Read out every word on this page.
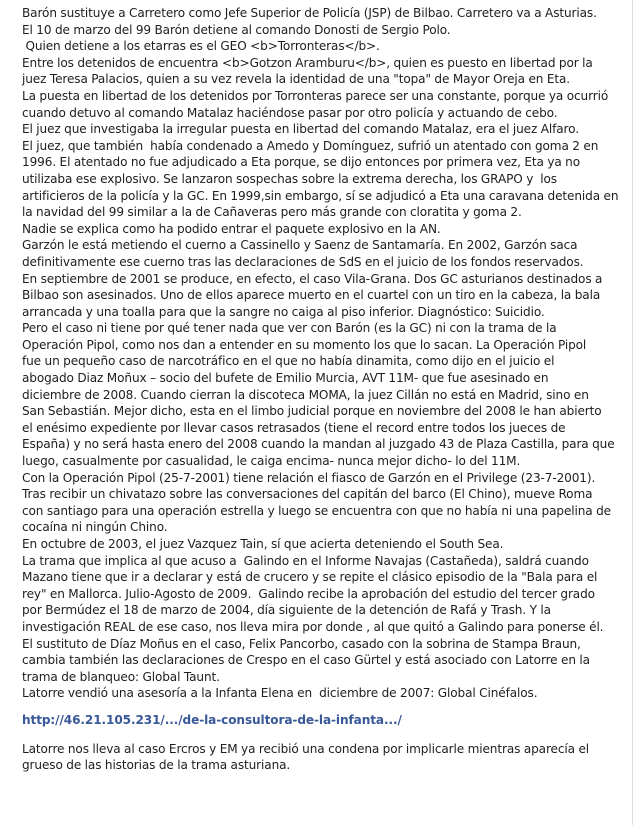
Barón sustituye a Carretero como Jefe Superior de Policía (JSP) de Bilbao. Carretero va a Asturias.

El 10 de marzo del 99 Barón detiene al comando Donosti de Sergio Polo.

Quien detiene a los etarras es el GEO <b>Torronteras</b>.

Entre los detenidos de encuentra <b>Gotzon Aramburu</b>, quien es puesto en libertad por la

juez Teresa Palacios, quien a su vez revela la identidad de una "topa" de Mayor Oreja en Eta.

La puesta en libertad de los detenidos por Torronteras parece ser una constante, porque ya ocurrió

cuando detuvo al comando Matalaz haciéndose pasar por otro policía y actuando de cebo.

El juez que investigaba la irregular puesta en libertad del comando Matalaz, era el juez Alfaro.

El juez, que también  había condenado a Amedo y Domínguez, sufrió un atentado con goma 2 en

1996. El atentado no fue adjudicado a Eta porque, se dijo entonces por primera vez, Eta ya no

utilizaba ese explosivo. Se lanzaron sospechas sobre la extrema derecha, los GRAPO y  los

artificieros de la policía y la GC. En 1999,sin embargo, sí se adjudicó a Eta una caravana detenida en

la navidad del 99 similar a la de Cañaveras pero más grande con cloratita y goma 2.

Nadie se explica como ha podido entrar el paquete explosivo en la AN.

Garzón le está metiendo el cuerno a Cassinello y Saenz de Santamaría. En 2002, Garzón saca

definitivamente ese cuerno tras las declaraciones de SdS en el juicio de los fondos reservados.

En septiembre de 2001 se produce, en efecto, el caso Vila-Grana. Dos GC asturianos destinados a

Bilbao son asesinados. Uno de ellos aparece muerto en el cuartel con un tiro en la cabeza, la bala

arrancada y una toalla para que la sangre no caiga al piso inferior. Diagnóstico: Suicidio.

Pero el caso ni tiene por qué tener nada que ver con Barón (es la GC) ni con la trama de la

Operación Pipol, como nos dan a entender en su momento los que lo sacan. La Operación Pipol

fue un pequeño caso de narcotráfico en el que no había dinamita, como dijo en el juicio el

abogado Diaz Moñux – socio del bufete de Emilio Murcia, AVT 11M- que fue asesinado en

diciembre de 2008. Cuando cierran la discoteca MOMA, la juez Cillán no está en Madrid, sino en

San Sebastián. Mejor dicho, esta en el limbo judicial porque en noviembre del 2008 le han abierto

el enésimo expediente por llevar casos retrasados (tiene el record entre todos los jueces de

España) y no será hasta enero del 2008 cuando la mandan al juzgado 43 de Plaza Castilla, para que

luego, casualmente por casualidad, le caiga encima- nunca mejor dicho- lo del 11M.

Con la Operación Pipol (25-7-2001) tiene relación el fiasco de Garzón en el Privilege (23-7-2001).

Tras recibir un chivatazo sobre las conversaciones del capitán del barco (El Chino), mueve Roma

con santiago para una operación estrella y luego se encuentra con que no había ni una papelina de

cocaína ni ningún Chino.

En octubre de 2003, el juez Vazquez Tain, sí que acierta deteniendo el South Sea.

La trama que implica al que acuso a  Galindo en el Informe Navajas (Castañeda), saldrá cuando

Mazano tiene que ir a declarar y está de crucero y se repite el clásico episodio de la "Bala para el

rey" en Mallorca. Julio-Agosto de 2009.  Galindo recibe la aprobación del estudio del tercer grado

por Bermúdez el 18 de marzo de 2004, día siguiente de la detención de Rafá y Trash. Y la

investigación REAL de ese caso, nos lleva mira por donde , al que quitó a Galindo para ponerse él.

El sustituto de Díaz Moñus en el caso, Felix Pancorbo, casado con la sobrina de Stampa Braun,

cambia también las declaraciones de Crespo en el caso Gürtel y está asociado con Latorre en la

trama de blanqueo: Global Taunt.

Latorre vendió una asesoría a la Infanta Elena en  diciembre de 2007: Global Cinéfalos.

http://46.21.105.231/.../de-la-consultora-de-la-infanta.../

Latorre nos lleva al caso Ercros y EM ya recibió una condena por implicarle mientras aparecía el

grueso de las historias de la trama asturiana.
